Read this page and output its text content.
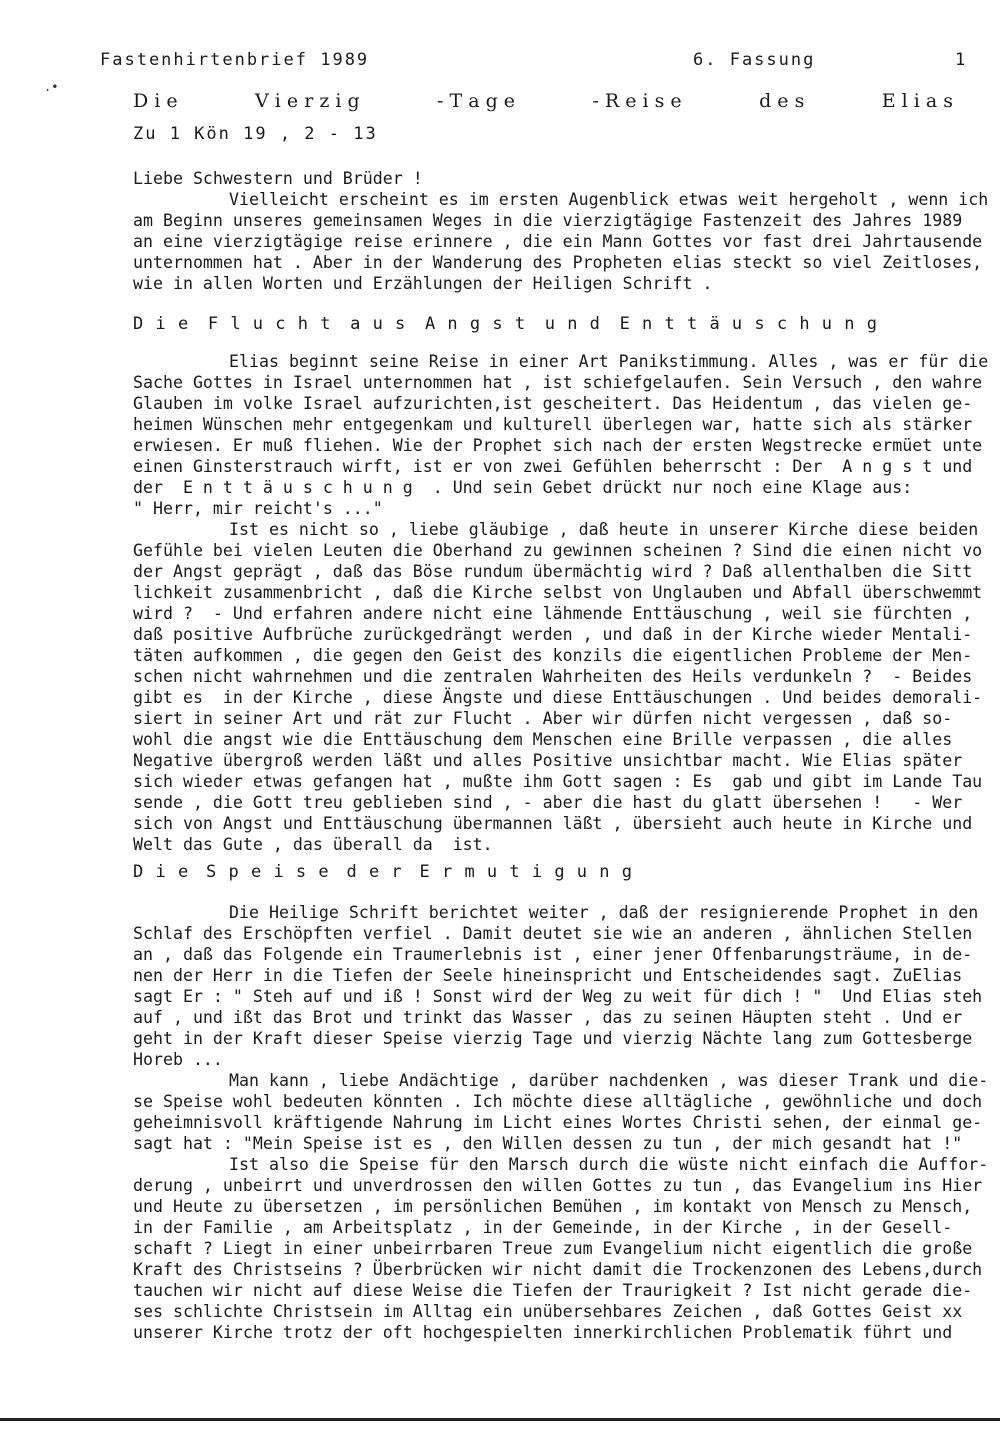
.•
Fastenhirtenbrief 1989	6. Fassung	1
D i e	V i e r z i g	- T a g e	- R e i s e	d e s	E l i a s
Zu 1 Kön 19 , 2 - 13

Liebe Schwestern und Brüder !

Vielleicht erscheint es im ersten Augenblick etwas weit hergeholt , wenn ich

am Beginn unseres gemeinsamen Weges in die vierzigtägige Fastenzeit des Jahres 1989

an eine vierzigtägige reise erinnere , die ein Mann Gottes vor fast drei Jahrtausende

unternommen hat . Aber in der Wanderung des Propheten elias steckt so viel Zeitloses,

wie in allen Worten und Erzählungen der Heiligen Schrift .

D i e F l u c h t a u s A n g s t u n d E n t t ä u s c h u n g

Elias beginnt seine Reise in einer Art Panikstimmung. Alles , was er für die

Sache Gottes in Israel unternommen hat , ist schiefgelaufen. Sein Versuch , den wahre

Glauben im volke Israel aufzurichten,ist gescheitert. Das Heidentum , das vielen ge-

heimen Wünschen mehr entgegenkam und kulturell überlegen war, hatte sich als stärker

erwiesen. Er muß fliehen. Wie der Prophet sich nach der ersten Wegstrecke ermüet unte

einen Ginsterstrauch wirft, ist er von zwei Gefühlen beherrscht : Der  A n g s t und

der  E n t t ä u s c h u n g  . Und sein Gebet drückt nur noch eine Klage aus:

" Herr, mir reicht's ..."

Ist es nicht so , liebe gläubige , daß heute in unserer Kirche diese beiden

Gefühle bei vielen Leuten die Oberhand zu gewinnen scheinen ? Sind die einen nicht vo

der Angst geprägt , daß das Böse rundum übermächtig wird ? Daß allenthalben die Sitt

lichkeit zusammenbricht , daß die Kirche selbst von Unglauben und Abfall überschwemmt

wird ?  - Und erfahren andere nicht eine lähmende Enttäuschung , weil sie fürchten ,

daß positive Aufbrüche zurückgedrängt werden , und daß in der Kirche wieder Mentali-

täten aufkommen , die gegen den Geist des konzils die eigentlichen Probleme der Men-

schen nicht wahrnehmen und die zentralen Wahrheiten des Heils verdunkeln ?  - Beides

gibt es  in der Kirche , diese Ängste und diese Enttäuschungen . Und beides demorali-

siert in seiner Art und rät zur Flucht . Aber wir dürfen nicht vergessen , daß so-

wohl die angst wie die Enttäuschung dem Menschen eine Brille verpassen , die alles

Negative übergroß werden läßt und alles Positive unsichtbar macht. Wie Elias später

sich wieder etwas gefangen hat , mußte ihm Gott sagen : Es  gab und gibt im Lande Tau

sende , die Gott treu geblieben sind , - aber die hast du glatt übersehen !   - Wer

sich von Angst und Enttäuschung übermannen läßt , übersieht auch heute in Kirche und

Welt das Gute , das überall da  ist.

D i e S p e i s e d e r E r m u t i g u n g

Die Heilige Schrift berichtet weiter , daß der resignierende Prophet in den

Schlaf des Erschöpften verfiel . Damit deutet sie wie an anderen , ähnlichen Stellen

an , daß das Folgende ein Traumerlebnis ist , einer jener Offenbarungsträume, in de-

nen der Herr in die Tiefen der Seele hineinspricht und Entscheidendes sagt. ZuElias

sagt Er : " Steh auf und iß ! Sonst wird der Weg zu weit für dich ! "  Und Elias steh

auf , und ißt das Brot und trinkt das Wasser , das zu seinen Häupten steht . Und er

geht in der Kraft dieser Speise vierzig Tage und vierzig Nächte lang zum Gottesberge

Horeb ...

Man kann , liebe Andächtige , darüber nachdenken , was dieser Trank und die-

se Speise wohl bedeuten könnten . Ich möchte diese alltägliche , gewöhnliche und doch

geheimnisvoll kräftigende Nahrung im Licht eines Wortes Christi sehen, der einmal ge-

sagt hat : "Mein Speise ist es , den Willen dessen zu tun , der mich gesandt hat !"

Ist also die Speise für den Marsch durch die wüste nicht einfach die Auffor-

derung , unbeirrt und unverdrossen den willen Gottes zu tun , das Evangelium ins Hier

und Heute zu übersetzen , im persönlichen Bemühen , im kontakt von Mensch zu Mensch,

in der Familie , am Arbeitsplatz , in der Gemeinde, in der Kirche , in der Gesell-

schaft ? Liegt in einer unbeirrbaren Treue zum Evangelium nicht eigentlich die große

Kraft des Christseins ? Überbrücken wir nicht damit die Trockenzonen des Lebens,durch

tauchen wir nicht auf diese Weise die Tiefen der Traurigkeit ? Ist nicht gerade die-

ses schlichte Christsein im Alltag ein unübersehbares Zeichen , daß Gottes Geist xx

unserer Kirche trotz der oft hochgespielten innerkirchlichen Problematik führt und
